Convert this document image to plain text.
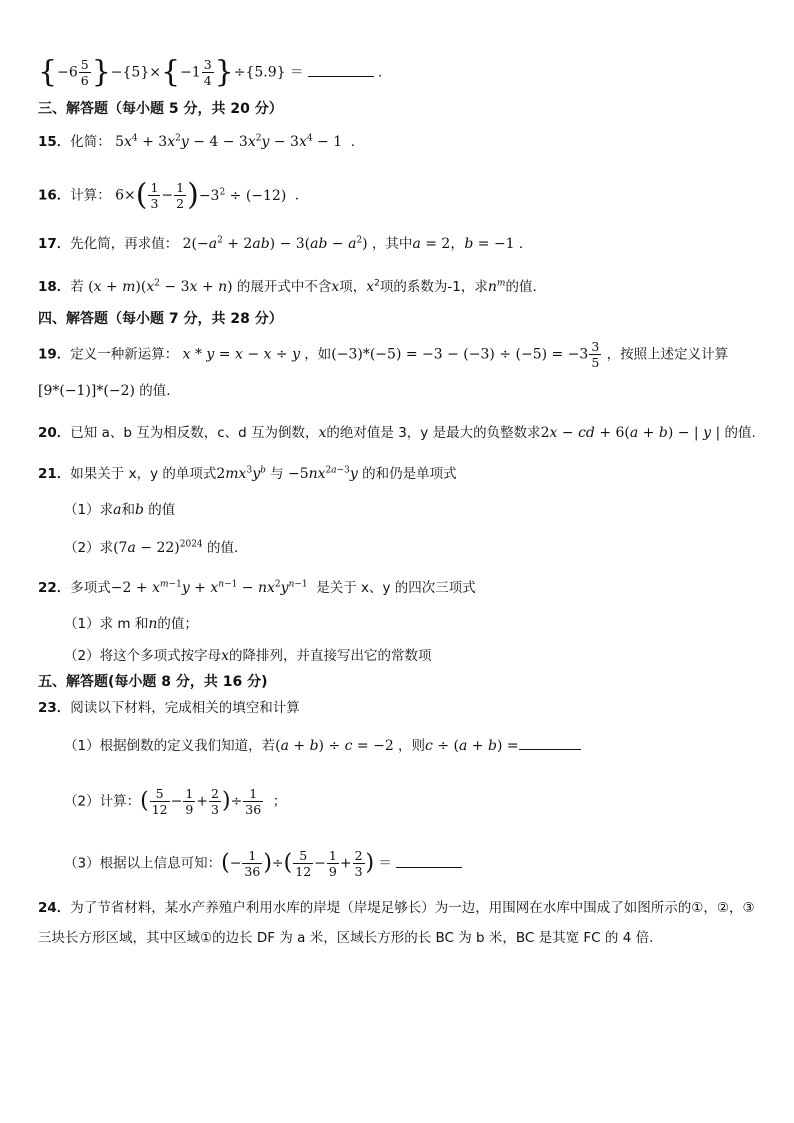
$\{-6 \frac{5}{6} \}-\{5\}\times\{-1 \frac{3}{4} \}\div\{5.9\}$ ＝	.
三、解答题（每小题 5 分，共 20 分）
15．化简： $5x^4 + 3x^2y - 4 - 3x^2y - 3x^4 - 1$  ．
16．计算： $6\times( \frac{1}{3} - \frac{1}{2} )-3^2 \div (-12)$  ．
17．先化简，再求值： $2(-a^2 + 2ab) - 3(ab - a^2)$ ，其中a = 2，b = −1 ．
18．若 $(x + m)(x^2 - 3x + n)$ 的展开式中不含x项，$x^2$项的系数为-1，求$n^m$的值.
四、解答题（每小题 7 分，共 28 分）
19．定义一种新运算： x * y = x − x ÷ y ，如$(-3)*(-5) = -3 - (-3) \div (-5) = -3 \frac{3}{5}$ ，按照上述定义计算
[9*(−1)]*(−2) 的值.
20．已知 a、b 互为相反数，c、d 互为倒数，x的绝对值是 3，y 是最大的负整数求2x − cd + 6(a + b) − | y | 的值.
21．如果关于 x，y 的单项式$2mx^3y^b$ 与 $-5nx^{2a-3}y$ 的和仍是单项式
（1）求a和b 的值
（2）求$(7a - 22)^{2024}$ 的值.
22．多项式$-2 + x^{m-1}y + x^{n-1} - nx^2y^{n-1}$ 是关于 x、y 的四次三项式
（1）求 m 和n的值；
（2）将这个多项式按字母x的降排列，并直接写出它的常数项
五、解答题(每小题 8 分，共 16 分)
23．阅读以下材料，完成相关的填空和计算
（1）根据倒数的定义我们知道，若(a + b) ÷ c = −2 ，则c ÷ (a + b) =
（2）计算：( $\frac{5}{12} - \frac{1}{9} + \frac{2}{3}$ )÷ $\frac{1}{36}$ ；
（3）根据以上信息可知：(− $\frac{1}{36}$ )÷( $\frac{5}{12} - \frac{1}{9} + \frac{2}{3}$ ) ＝
24．为了节省材料，某水产养殖户利用水库的岸堤（岸堤足够长）为一边，用围网在水库中围成了如图所示的①，②，③三块长方形区域，其中区域①的边长 DF 为 a 米，区域长方形的长 BC 为 b 米，BC 是其宽 FC 的 4 倍.
